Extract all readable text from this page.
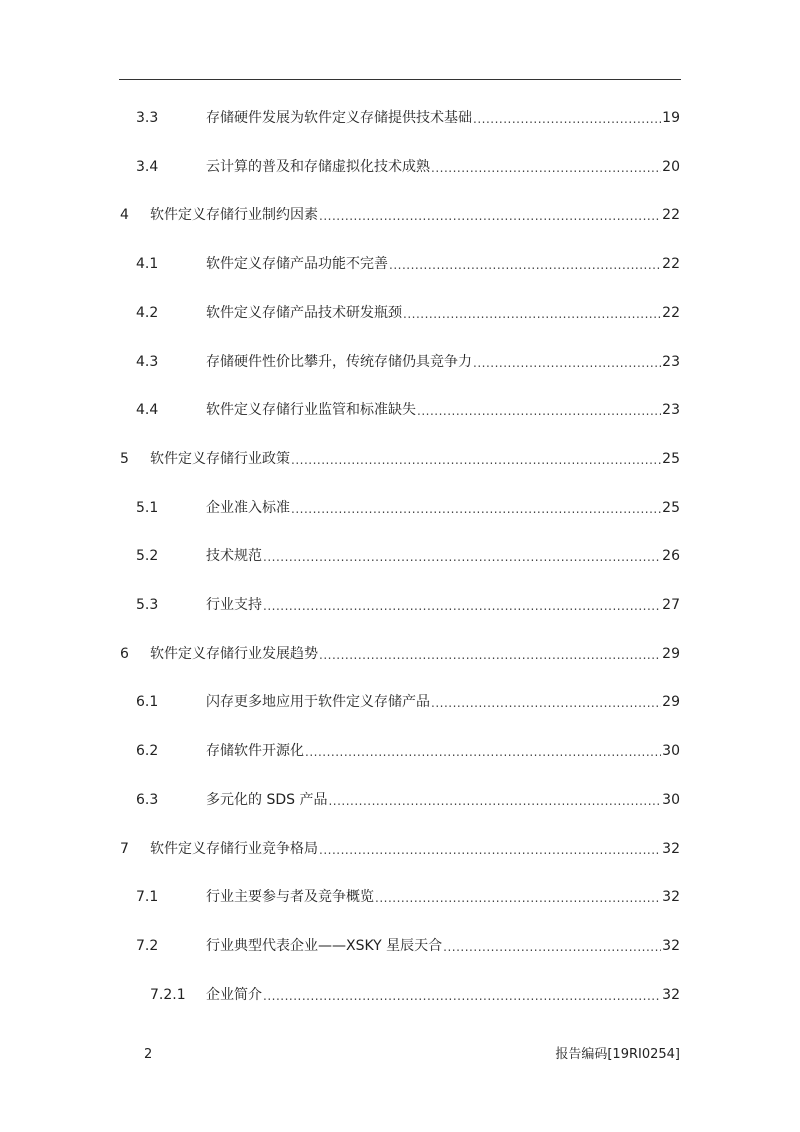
3.3	存储硬件发展为软件定义存储提供技术基础 .....	19
3.4	云计算的普及和存储虚拟化技术成熟 .....	20
4	软件定义存储行业制约因素 .....	22
4.1	软件定义存储产品功能不完善 .....	22
4.2	软件定义存储产品技术研发瓶颈 .....	22
4.3	存储硬件性价比攀升，传统存储仍具竞争力 .....	23
4.4	软件定义存储行业监管和标准缺失 .....	23
5	软件定义存储行业政策 .....	25
5.1	企业准入标准 .....	25
5.2	技术规范 .....	26
5.3	行业支持 .....	27
6	软件定义存储行业发展趋势 .....	29
6.1	闪存更多地应用于软件定义存储产品 .....	29
6.2	存储软件开源化 .....	30
6.3	多元化的 SDS 产品 .....	30
7	软件定义存储行业竞争格局 .....	32
7.1	行业主要参与者及竞争概览 .....	32
7.2	行业典型代表企业——XSKY 星辰天合 .....	32
7.2.1	企业简介 .....	32
2	报告编码[19RI0254]
